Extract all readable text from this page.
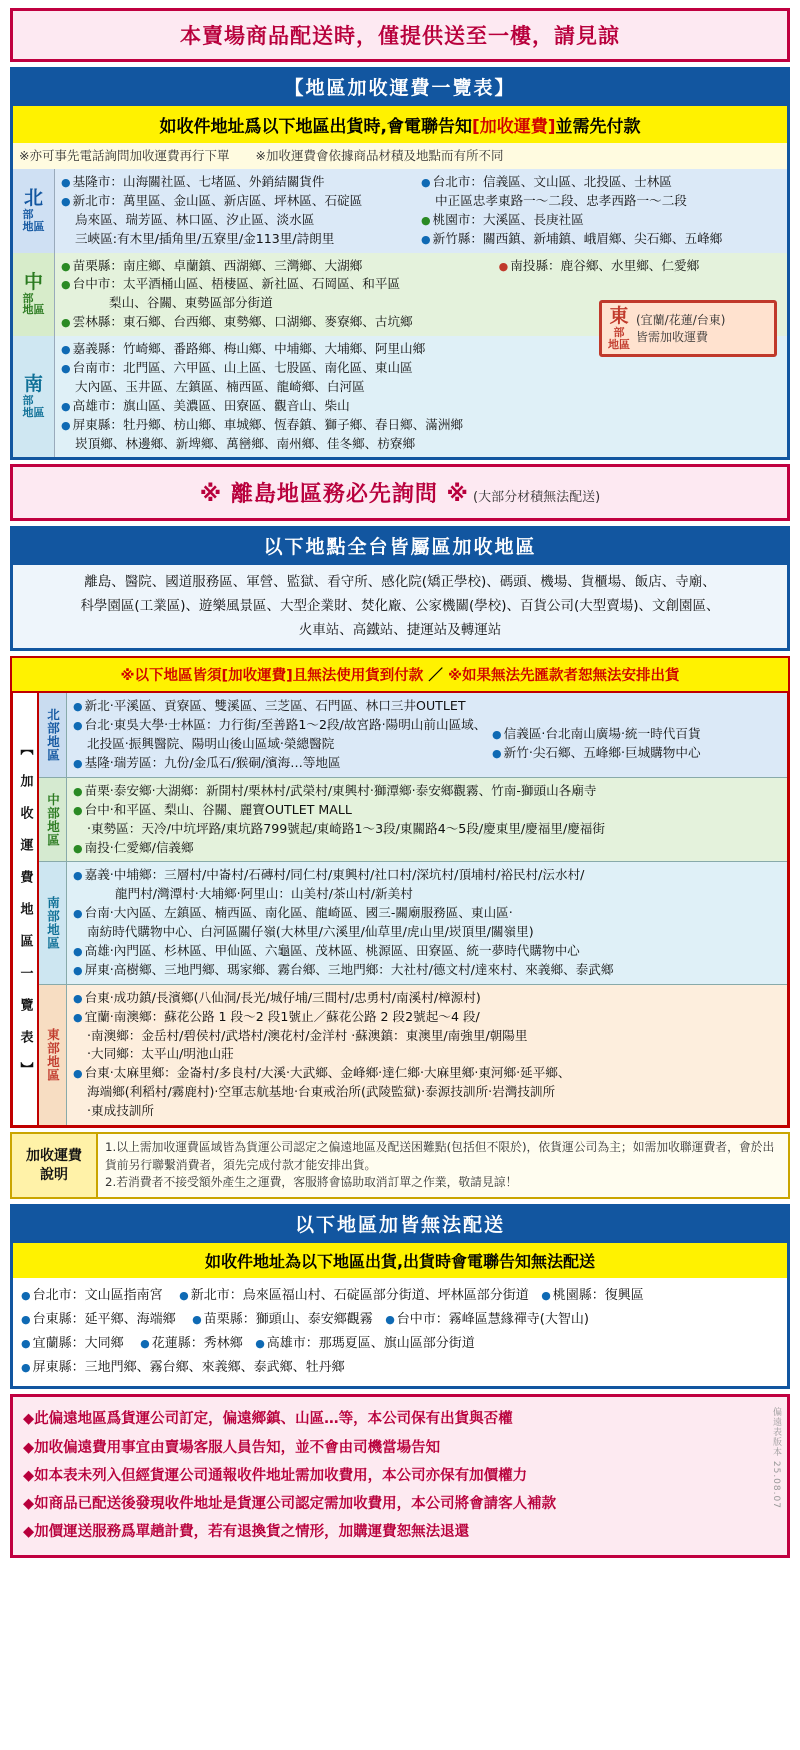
本賣場商品配送時，僅提供送至一樓，請見諒
【地區加收運費一覽表】
如收件地址爲以下地區出貨時,會電聯告知[加收運費]並需先付款
※亦可事先電話詢問加收運費再行下單 ※加收運費會依據商品材積及地點而有所不同
北
部
地區
● 基隆市：山海關社區、七堵區、外銷結關貨件
● 新北市：萬里區、金山區、新店區、坪林區、石碇區
烏來區、瑞芳區、林口區、汐止區、淡水區
三峽區:有木里/插角里/五寮里/金113里/詩朗里
● 台北市：信義區、文山區、北投區、士林區
中正區忠孝東路一～二段、忠孝西路一～二段
● 桃園市：大溪區、長庚社區
● 新竹縣：關西鎮、新埔鎮、峨眉鄉、尖石鄉、五峰鄉
中
部
地區
● 苗栗縣：南庄鄉、卓蘭鎮、西湖鄉、三灣鄉、大湖鄉
● 台中市：太平酒桶山區、梧棲區、新社區、石岡區、和平區
梨山、谷關、東勢區部分街道
● 雲林縣：東石鄉、台西鄉、東勢鄉、口湖鄉、麥寮鄉、古坑鄉
● 南投縣：鹿谷鄉、水里鄉、仁愛鄉
南
部
地區
● 嘉義縣：竹崎鄉、番路鄉、梅山鄉、中埔鄉、大埔鄉、阿里山鄉
● 台南市：北門區、六甲區、山上區、七股區、南化區、東山區
大內區、玉井區、左鎮區、楠西區、龍崎鄉、白河區
● 高雄市：旗山區、美濃區、田寮區、觀音山、柴山
● 屏東縣：牡丹鄉、枋山鄉、車城鄉、恆春鎮、獅子鄉、春日鄉、滿洲鄉
崁頂鄉、林邊鄉、新埤鄉、萬巒鄉、南州鄉、佳冬鄉、枋寮鄉
東
部
地區
(宜蘭/花蓮/台東)
皆需加收運費
※ 離島地區務必先詢問 ※ (大部分材積無法配送)
以下地點全台皆屬區加收地區
離島、醫院、國道服務區、軍營、監獄、看守所、感化院(矯正學校)、碼頭、機場、貨櫃場、飯店、寺廟、
科學園區(工業區)、遊樂風景區、大型企業財、焚化廠、公家機關(學校)、百貨公司(大型賣場)、文創園區、
火車站、高鐵站、捷運站及轉運站
※以下地區皆須[加收運費]且無法使用貨到付款 ／ ※如果無法先匯款者恕無法安排出貨
【 加 收 運 費 地 區 一 覽 表 】
北部地區
● 新北‧平溪區、貢寮區、雙溪區、三芝區、石門區、林口三井OUTLET
● 台北‧東吳大學‧士林區：力行街/至善路1～2段/故宮路‧陽明山前山區域、
北投區‧振興醫院、陽明山後山區域‧榮總醫院
● 基隆‧瑞芳區：九份/金瓜石/猴硐/濱海…等地區
● 信義區‧台北南山廣場‧統一時代百貨
● 新竹‧尖石鄉、五峰鄉‧巨城購物中心
中部地區
● 苗栗‧泰安鄉‧大湖鄉：新開村/栗林村/武榮村/東興村‧獅潭鄉‧泰安鄉觀霧、竹南-獅頭山各廟寺
● 台中‧和平區、梨山、谷關、麗寶OUTLET MALL
‧東勢區：天冷/中坑坪路/東坑路799號起/東崎路1～3段/東關路4～5段/慶東里/慶福里/慶福街
● 南投‧仁愛鄉/信義鄉
南部地區
● 嘉義‧中埔鄉：三層村/中崙村/石磚村/同仁村/東興村/社口村/深坑村/頂埔村/裕民村/沄水村/
龍門村/灣潭村‧大埔鄉‧阿里山：山美村/茶山村/新美村
● 台南‧大內區、左鎮區、楠西區、南化區、龍崎區、國三-關廟服務區、東山區‧
南紡時代購物中心、白河區關仔嶺(大林里/六溪里/仙草里/虎山里/崁頂里/關嶺里)
● 高雄‧內門區、杉林區、甲仙區、六龜區、茂林區、桃源區、田寮區、統一夢時代購物中心
● 屏東‧高樹鄉、三地門鄉、瑪家鄉、霧台鄉、三地門鄉：大社村/德文村/達來村、來義鄉、泰武鄉
東部地區
● 台東‧成功鎮/長濱鄉(八仙洞/長光/城仔埔/三間村/忠勇村/南溪村/樟源村)
● 宜蘭‧南澳鄉：蘇花公路 1 段～2 段1號止／蘇花公路 2 段2號起～4 段/
‧南澳鄉：金岳村/碧侯村/武塔村/澳花村/金洋村 ‧蘇澳鎮：東澳里/南強里/朝陽里
‧大同鄉：太平山/明池山莊
● 台東‧太麻里鄉：金崙村/多良村/大溪‧大武鄉、金峰鄉‧達仁鄉‧大麻里鄉‧東河鄉‧延平鄉、
海端鄉(利稻村/霧鹿村)‧空軍志航基地‧台東戒治所(武陵監獄)‧泰源技訓所‧岩灣技訓所
‧東成技訓所
加收運費
說明
1.以上需加收運費區域皆為貨運公司認定之偏遠地區及配送困難點(包括但不限於)，依貨運公司為主；如需加收聯運費者，會於出貨前另行聯繫消費者，須先完成付款才能安排出貨。
2.若消費者不接受額外產生之運費，客服將會協助取消訂單之作業，敬請見諒！
以下地區加皆無法配送
如收件地址為以下地區出貨,出貨時會電聯告知無法配送
● 台北市：文山區指南宮 ● 新北市：烏來區福山村、石碇區部分街道、坪林區部分街道 ● 桃園縣：復興區
● 台東縣：延平鄉、海端鄉 ● 苗栗縣：獅頭山、泰安鄉觀霧 ● 台中市：霧峰區慧緣禪寺(大智山)
● 宜蘭縣：大同鄉 ● 花蓮縣：秀林鄉 ● 高雄市：那瑪夏區、旗山區部分街道
● 屏東縣：三地門鄉、霧台鄉、來義鄉、泰武鄉、牡丹鄉
◆此偏遠地區爲貨運公司訂定，偏遠鄉鎮、山區…等，本公司保有出貨與否權
◆加收偏遠費用事宜由賣場客服人員告知，並不會由司機當場告知
◆如本表未列入但經貨運公司通報收件地址需加收費用，本公司亦保有加價權力
◆如商品已配送後發現收件地址是貨運公司認定需加收費用，本公司將會請客人補款
◆加價運送服務爲單趟計費，若有退換貨之情形，加購運費恕無法退還
偏遠表版本 25.08.07
